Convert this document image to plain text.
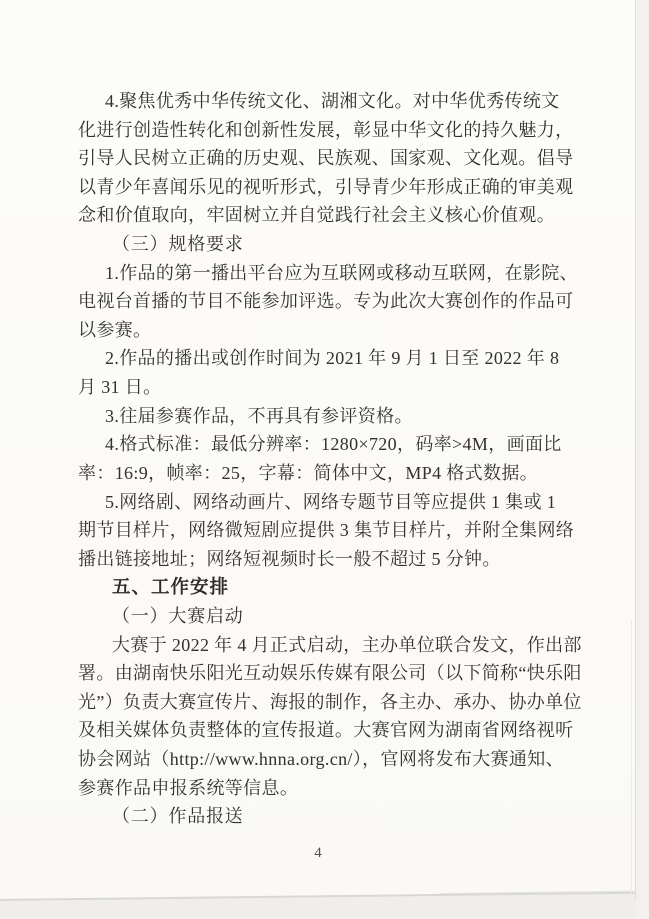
4.聚焦优秀中华传统文化、湖湘文化。对中华优秀传统文
化进行创造性转化和创新性发展，彰显中华文化的持久魅力，
引导人民树立正确的历史观、民族观、国家观、文化观。倡导
以青少年喜闻乐见的视听形式，引导青少年形成正确的审美观
念和价值取向，牢固树立并自觉践行社会主义核心价值观。
（三）规格要求
1.作品的第一播出平台应为互联网或移动互联网，在影院、
电视台首播的节目不能参加评选。专为此次大赛创作的作品可
以参赛。
2.作品的播出或创作时间为 2021 年 9 月 1 日至 2022 年 8
月 31 日。
3.往届参赛作品，不再具有参评资格。
4.格式标准：最低分辨率：1280×720，码率>4M，画面比
率：16:9，帧率：25，字幕：简体中文，MP4 格式数据。
5.网络剧、网络动画片、网络专题节目等应提供 1 集或 1
期节目样片，网络微短剧应提供 3 集节目样片，并附全集网络
播出链接地址；网络短视频时长一般不超过 5 分钟。
五、工作安排
（一）大赛启动
大赛于 2022 年 4 月正式启动，主办单位联合发文，作出部
署。由湖南快乐阳光互动娱乐传媒有限公司（以下简称“快乐阳
光”）负责大赛宣传片、海报的制作，各主办、承办、协办单位
及相关媒体负责整体的宣传报道。大赛官网为湖南省网络视听
协会网站（http://www.hnna.org.cn/），官网将发布大赛通知、
参赛作品申报系统等信息。
（二）作品报送
4
